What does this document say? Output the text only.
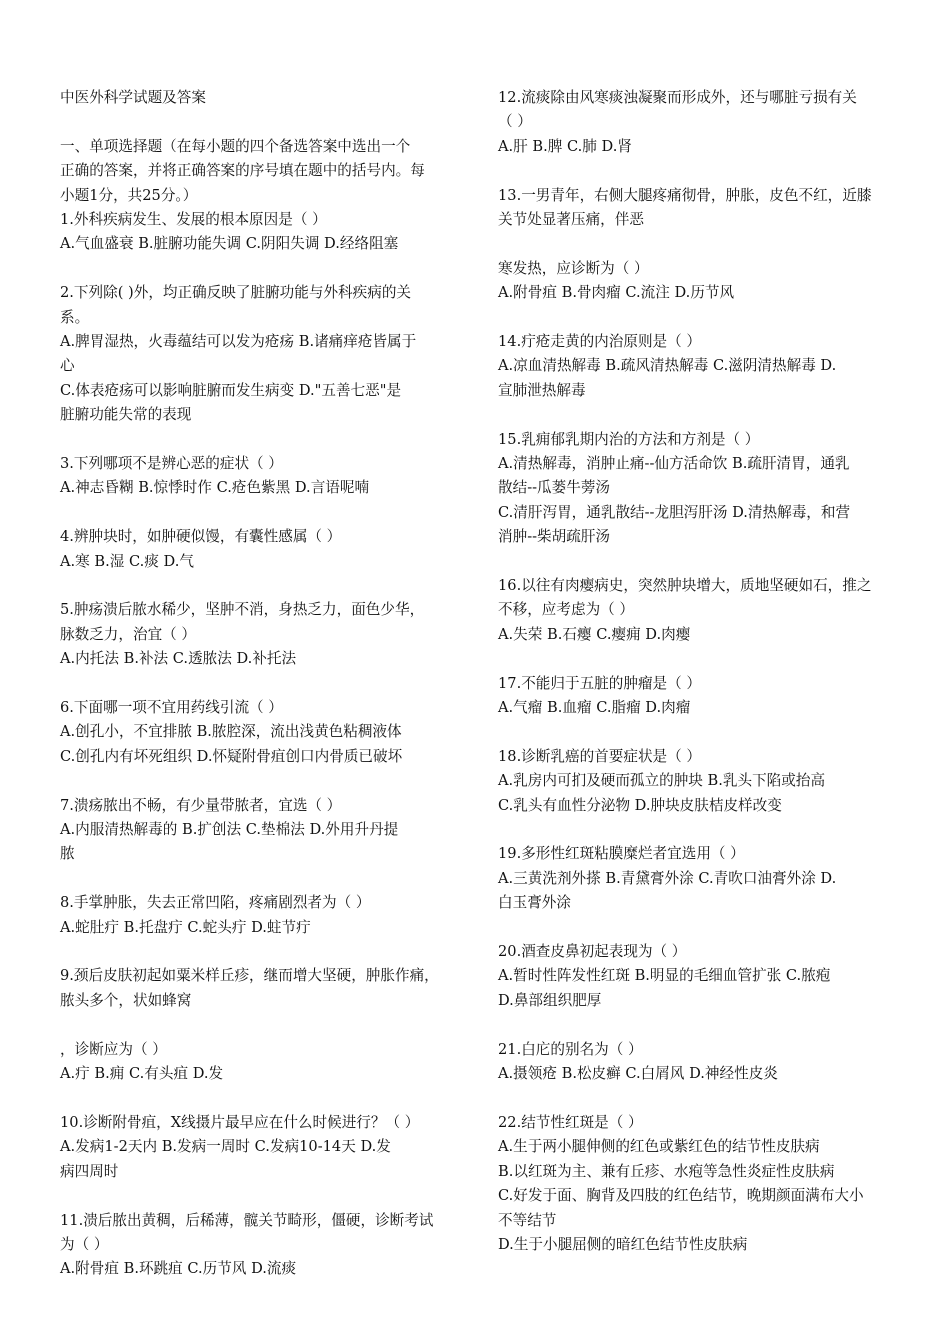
中医外科学试题及答案
一、单项选择题（在每小题的四个备选答案中选出一个
正确的答案，并将正确答案的序号填在题中的括号内。每
小题1分，共25分。）
1.外科疾病发生、发展的根本原因是（ ）
A.气血盛衰 B.脏腑功能失调 C.阴阳失调 D.经络阻塞
2.下列除( )外，均正确反映了脏腑功能与外科疾病的关
系。
A.脾胃湿热，火毒蕴结可以发为疮疡 B.诸痛痒疮皆属于
心
C.体表疮疡可以影响脏腑而发生病变 D."五善七恶"是
脏腑功能失常的表现
3.下列哪项不是辨心恶的症状（ ）
A.神志昏糊 B.惊悸时作 C.疮色紫黑 D.言语呢喃
4.辨肿块时，如肿硬似馒，有囊性感属（ ）
A.寒 B.湿 C.痰 D.气
5.肿疡溃后脓水稀少，坚肿不消，身热乏力，面色少华，
脉数乏力，治宜（ ）
A.内托法 B.补法 C.透脓法 D.补托法
6.下面哪一项不宜用药线引流（ ）
A.创孔小，不宜排脓 B.脓腔深，流出浅黄色粘稠液体
C.创孔内有坏死组织 D.怀疑附骨疽创口内骨质已破坏
7.溃疡脓出不畅，有少量带脓者，宜选（ ）
A.内服清热解毒的 B.扩创法 C.垫棉法 D.外用升丹提
脓
8.手掌肿胀，失去正常凹陷，疼痛剧烈者为（ ）
A.蛇肚疔 B.托盘疔 C.蛇头疔 D.蛀节疔
9.颈后皮肤初起如粟米样丘疹，继而增大坚硬，肿胀作痛，
脓头多个，状如蜂窝
，诊断应为（ ）
A.疔 B.痈 C.有头疽 D.发
10.诊断附骨疽，X线摄片最早应在什么时候进行？（ ）
A.发病1-2天内 B.发病一周时 C.发病10-14天 D.发
病四周时
11.溃后脓出黄稠，后稀薄，髋关节畸形，僵硬，诊断考试
为（ ）
A.附骨疽 B.环跳疽 C.历节风 D.流痰
12.流痰除由风寒痰浊凝聚而形成外，还与哪脏亏损有关
（ ）
A.肝 B.脾 C.肺 D.肾
13.一男青年，右侧大腿疼痛彻骨，肿胀，皮色不红，近膝
关节处显著压痛，伴恶
寒发热，应诊断为（ ）
A.附骨疽 B.骨肉瘤 C.流注 D.历节风
14.疔疮走黄的内治原则是（ ）
A.凉血清热解毒 B.疏风清热解毒 C.滋阴清热解毒 D.
宣肺泄热解毒
15.乳痈郁乳期内治的方法和方剂是（ ）
A.清热解毒，消肿止痛--仙方活命饮 B.疏肝清胃，通乳
散结--瓜蒌牛蒡汤
C.清肝泻胃，通乳散结--龙胆泻肝汤 D.清热解毒，和营
消肿--柴胡疏肝汤
16.以往有肉瘿病史，突然肿块增大，质地坚硬如石，推之
不移，应考虑为（ ）
A.失荣 B.石瘿 C.瘿痈 D.肉瘿
17.不能归于五脏的肿瘤是（ ）
A.气瘤 B.血瘤 C.脂瘤 D.肉瘤
18.诊断乳癌的首要症状是（ ）
A.乳房内可扪及硬而孤立的肿块 B.乳头下陷或抬高
C.乳头有血性分泌物 D.肿块皮肤桔皮样改变
19.多形性红斑粘膜糜烂者宜选用（ ）
A.三黄洗剂外搽 B.青黛膏外涂 C.青吹口油膏外涂 D.
白玉膏外涂
20.酒查皮鼻初起表现为（ ）
A.暂时性阵发性红斑 B.明显的毛细血管扩张 C.脓疱
D.鼻部组织肥厚
21.白庀的别名为（ ）
A.摄领疮 B.松皮癣 C.白屑风 D.神经性皮炎
22.结节性红斑是（ ）
A.生于两小腿伸侧的红色或紫红色的结节性皮肤病
B.以红斑为主、兼有丘疹、水疱等急性炎症性皮肤病
C.好发于面、胸背及四肢的红色结节，晚期颜面满布大小
不等结节
D.生于小腿屈侧的暗红色结节性皮肤病
